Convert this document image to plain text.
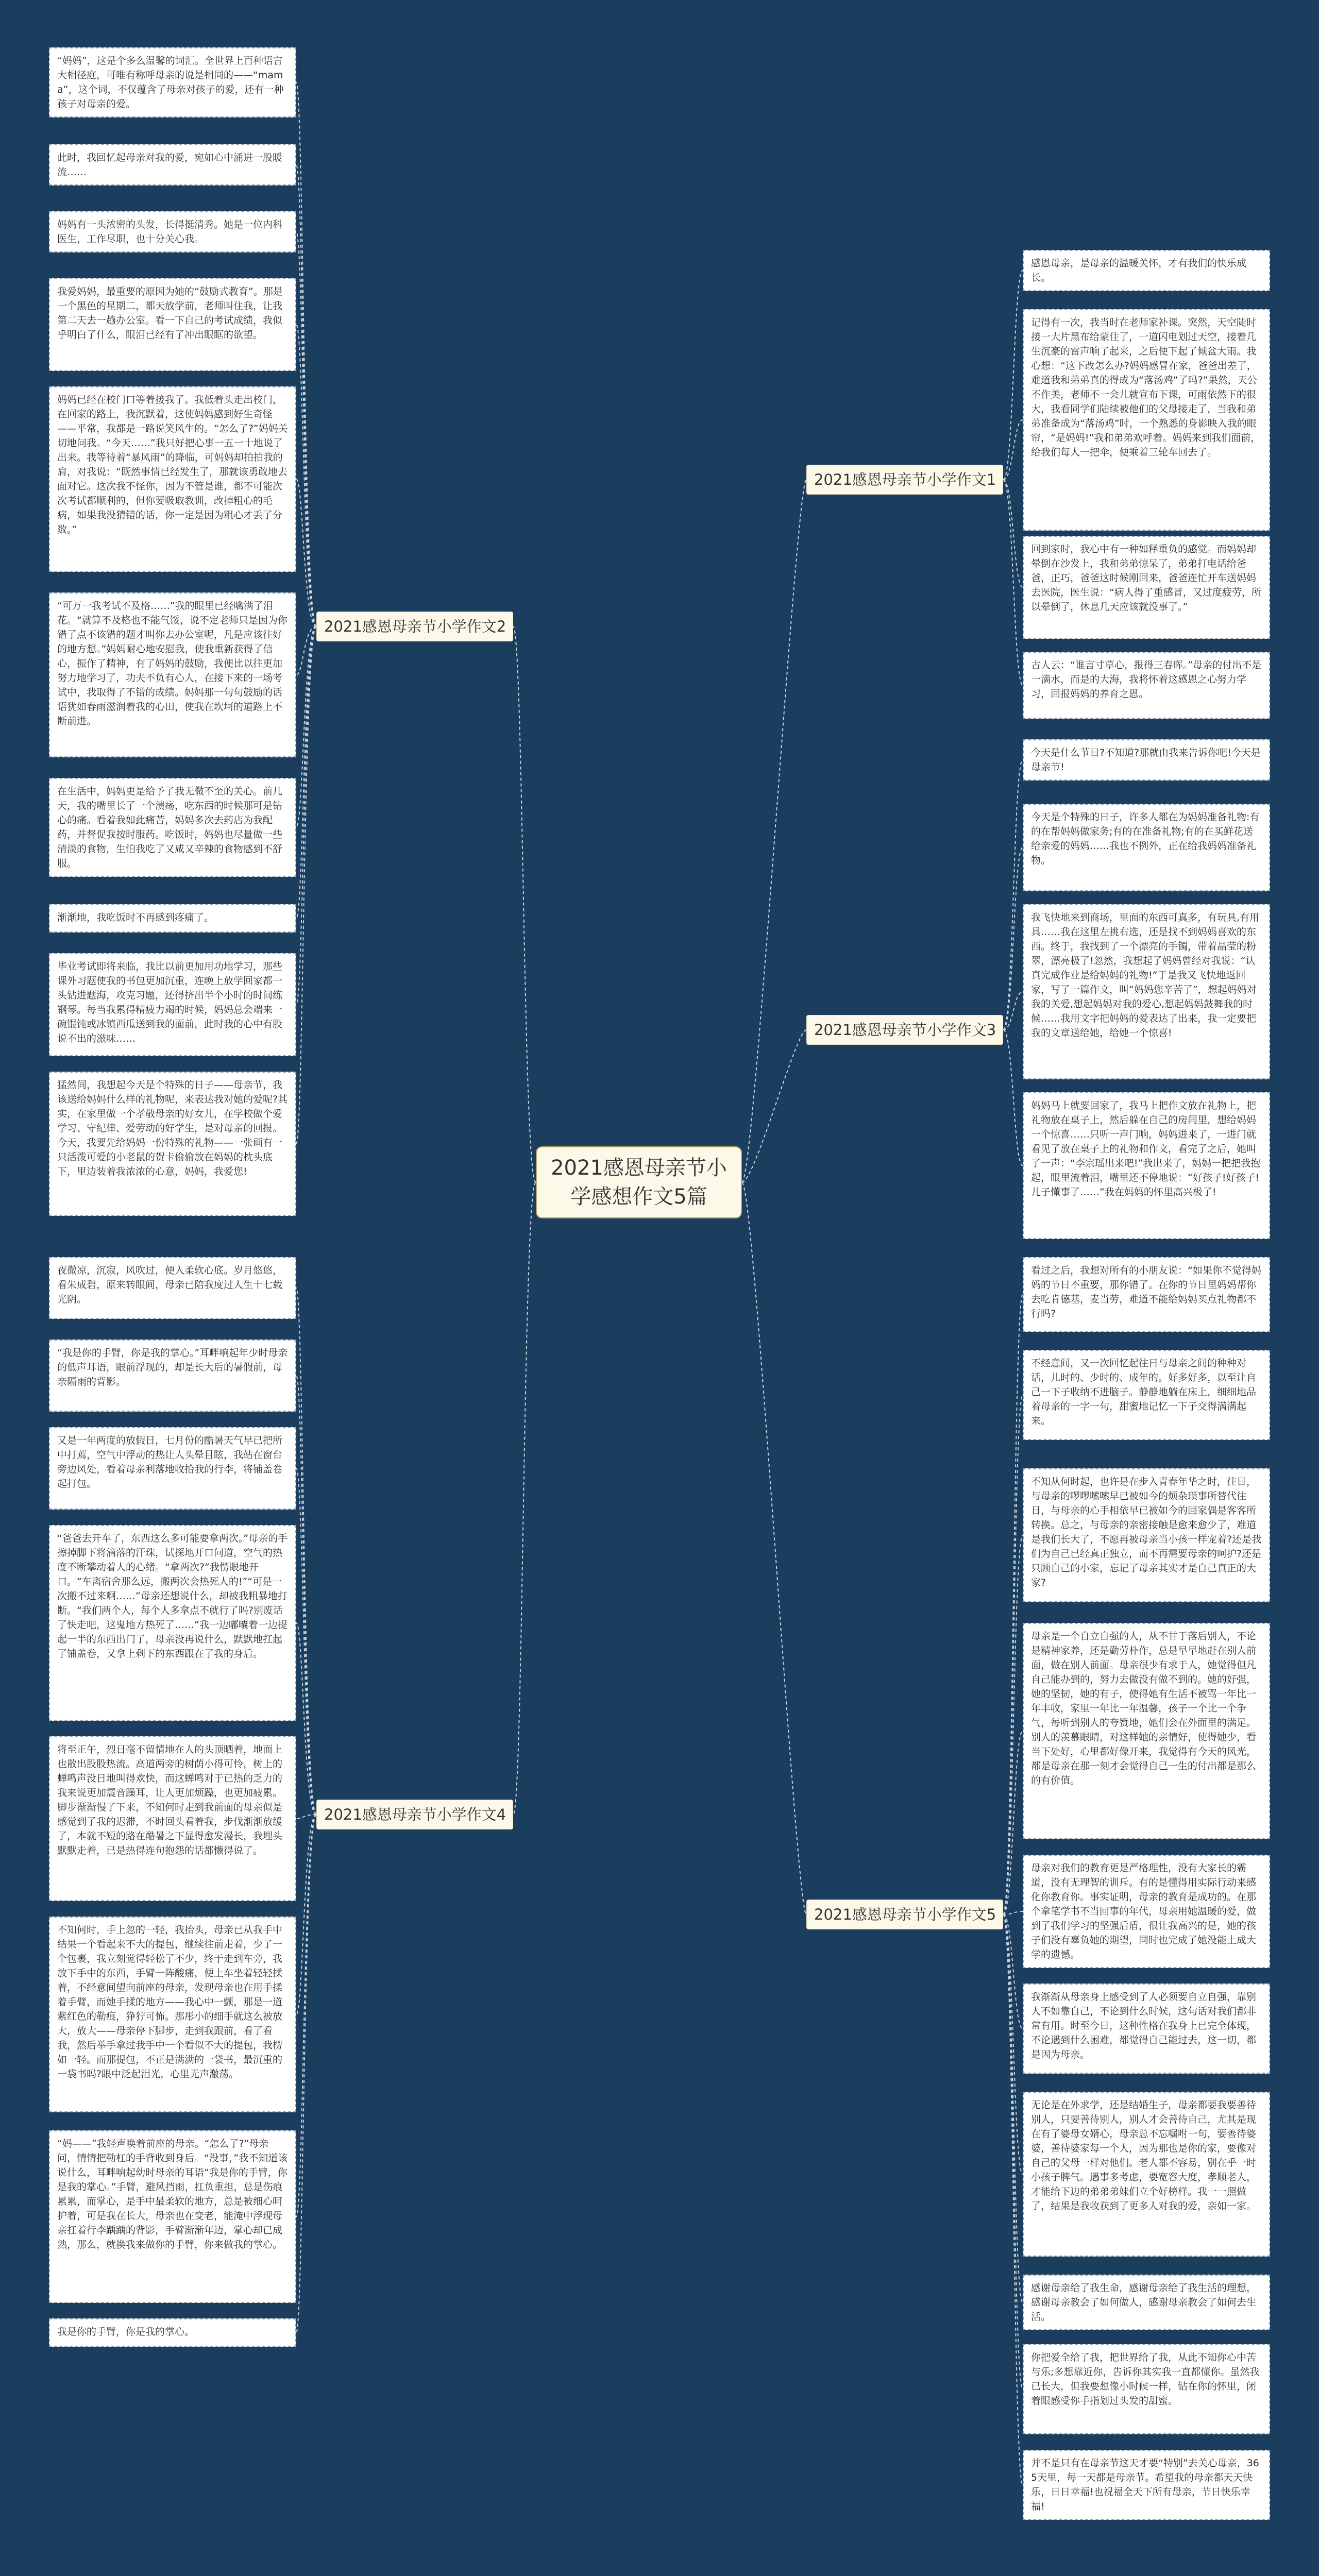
2021感恩母亲节小学感想作文5篇
2021感恩母亲节小学作文2
2021感恩母亲节小学作文4
2021感恩母亲节小学作文1
2021感恩母亲节小学作文3
2021感恩母亲节小学作文5
“妈妈”，这是个多么温馨的词汇。全世界上百种语言大相径庭，可唯有称呼母亲的说是相同的——“mama”，这个词，不仅蕴含了母亲对孩子的爱，还有一种孩子对母亲的爱。
此时，我回忆起母亲对我的爱，宛如心中涌进一股暖流……
妈妈有一头浓密的头发，长得挺清秀。她是一位内科医生，工作尽职，也十分关心我。
我爱妈妈，最重要的原因为她的“鼓励式教育”。那是一个黑色的星期二，都天放学前，老师叫住我，让我第二天去一趟办公室。看一下自己的考试成绩，我似乎明白了什么，眼泪已经有了冲出眼眶的欲望。
妈妈已经在校门口等着接我了。我低着头走出校门，在回家的路上，我沉默着，这使妈妈感到好生奇怪——平常，我都是一路说笑风生的。“怎么了?”妈妈关切地问我。“今天……”我只好把心事一五一十地说了出来。我等待着“暴风雨”的降临，可妈妈却拍拍我的肩，对我说：“既然事情已经发生了，那就该勇敢地去面对它。这次我不怪你，因为不管是谁，都不可能次次考试都顺利的，但你要吸取教训，改掉粗心的毛病，如果我没猜错的话，你一定是因为粗心才丢了分数。”
“可万一我考试不及格……”我的眼里已经噙满了泪花。“就算不及格也不能气馁，说不定老师只是因为你错了点不该错的题才叫你去办公室呢，凡是应该往好的地方想。”妈妈耐心地安慰我，使我重新获得了信心，振作了精神，有了妈妈的鼓励，我便比以往更加努力地学习了，功夫不负有心人，在接下来的一场考试中，我取得了不错的成绩。妈妈那一句句鼓励的话语犹如春雨滋润着我的心田，使我在坎坷的道路上不断前进。
在生活中，妈妈更是给予了我无微不至的关心。前几天，我的嘴里长了一个溃疡，吃东西的时候那可是钻心的痛。看着我如此痛苦，妈妈多次去药店为我配药，并督促我按时服药。吃饭时，妈妈也尽量做一些清淡的食物，生怕我吃了又咸又辛辣的食物感到不舒服。
渐渐地，我吃饭时不再感到疼痛了。
毕业考试即将来临，我比以前更加用功地学习，那些课外习题使我的书包更加沉重，连晚上放学回家都一头钻进题海，攻克习题，还得挤出半个小时的时间练钢琴。每当我累得精疲力竭的时候，妈妈总会端来一碗馄饨或冰镇西瓜送到我的面前，此时我的心中有股说不出的滋味……
猛然间，我想起今天是个特殊的日子——母亲节，我该送给妈妈什么样的礼物呢，来表达我对她的爱呢?其实，在家里做一个孝敬母亲的好女儿，在学校做个爱学习、守纪律、爱劳动的好学生，是对母亲的回报。今天，我要先给妈妈一份特殊的礼物——一张画有一只活泼可爱的小老鼠的贺卡偷偷放在妈妈的枕头底下，里边装着我浓浓的心意，妈妈，我爱您!
夜微凉，沉寂，风吹过，便入柔软心底。岁月悠悠，看朱成碧，原来转眼间，母亲已陪我度过人生十七载光阴。
“我是你的手臂，你是我的掌心。”耳畔响起年少时母亲的低声耳语，眼前浮现的，却是长大后的暑假前，母亲隔雨的背影。
又是一年两度的放假日，七月份的酷暑天气早已把所中打蔫，空气中浮动的热让人头晕目眩，我站在窗台旁边风处，看着母亲利落地收拾我的行李，将铺盖卷起打包。
“爸爸去开车了，东西这么多可能要拿两次。”母亲的手擦掉脚下将滴落的汗珠，试探地开口问道，空气的热度不断攀动着人的心绪。“拿两次?”我愣眼地开口。“车离宿舍那么远，搬两次会热死人的!”“可是一次搬不过来啊……”母亲还想说什么，却被我粗暴地打断。“我们两个人，每个人多拿点不就行了吗?别废话了快走吧，这鬼地方热死了……”我一边嘟囔着一边提起一半的东西出门了，母亲没再说什么，默默地扛起了铺盖卷，又拿上剩下的东西跟在了我的身后。
将至正午，烈日毫不留情地在人的头顶晒着，地面上也散出股股热流。高道两旁的树荫小得可怜，树上的蝉鸣声没日地叫得欢快，而这蝉鸣对于已热的乏力的我来说更加震音躁耳，让人更加烦躁，也更加疲累。脚步渐渐慢了下来，不知何时走到我前面的母亲似是感觉到了我的迟滞，不时回头看着我，步伐渐渐放缓了，本就不短的路在酷暑之下显得愈发漫长，我埋头默默走着，已是热得连句抱怨的话都懒得说了。
不知何时，手上忽的一轻，我抬头，母亲已从我手中结果一个看起来不大的提包，继续往前走着，少了一个包裹，我立刻觉得轻松了不少，终于走到车旁，我放下手中的东西，手臂一阵酸痛，便上车坐着轻轻揉着，不经意间望向前座的母亲，发现母亲也在用手揉着手臂，而她手揉的地方——我心中一颤，那是一道紫红色的勒痕，狰狞可怖。那彤小的细手就这么被放大，放大——母亲停下脚步，走到我跟前，看了看我，然后举手拿过我手中一个看似不大的提包，我楞如一轻。而那提包，不正是满满的一袋书，最沉重的一袋书吗?眼中泛起泪光，心里无声激荡。
“妈——”我轻声唤着前座的母亲。“怎么了?”母亲问，情情把勒杠的手背收到身后。“没事，”我不知道该说什么，耳畔响起幼时母亲的耳语“我是你的手臂，你是我的掌心。”手臂，避风挡雨，扛负重担，总是伤痕累累，而掌心，是手中最柔软的地方，总是被细心呵护着，可是我在长大，母亲也在变老，能淹中浮现母亲扛着行李踽踽的背影，手臂渐渐年迈，掌心却已成熟，那么，就换我来做你的手臂，你来做我的掌心。
我是你的手臂，你是我的掌心。
感恩母亲，是母亲的温暖关怀，才有我们的快乐成长。
记得有一次，我当时在老师家补课。突然，天空陡时接一大片黑布给蒙住了，一道闪电划过天空，接着几生沉豪的雷声响了起来，之后便下起了倾盆大雨。我心想：“这下改怎么办?妈妈感冒在家，爸爸出差了，难道我和弟弟真的得成为“落汤鸡”了吗?”果然，天公不作美，老师不一会儿就宣布下课，可雨依然下的很大，我看同学们陆续被他们的父母接走了，当我和弟弟准备成为“落汤鸡”时，一个熟悉的身影映入我的眼帘，“是妈妈!”我和弟弟欢呼着。妈妈来到我们面前，给我们每人一把伞，便乘着三轮车回去了。
回到家时，我心中有一种如释重负的感觉。而妈妈却晕倒在沙发上，我和弟弟惊呆了，弟弟打电话给爸爸，正巧，爸爸这时候刚回来，爸爸连忙开车送妈妈去医院，医生说：“病人得了重感冒，又过度疲劳，所以晕倒了，休息几天应该就没事了。”
古人云：“谁言寸草心，报得三春晖。”母亲的付出不是一滴水，而是的大海，我将怀着这感恩之心努力学习，回报妈妈的养育之恩。
今天是什么节日?不知道?那就由我来告诉你吧!今天是母亲节!
今天是个特殊的日子，许多人都在为妈妈准备礼物:有的在帮妈妈做家务;有的在准备礼物;有的在买鲜花送给亲爱的妈妈……我也不例外，正在给我妈妈准备礼物。
我飞快地来到商场，里面的东西可真多，有玩具,有用具……我在这里左挑右选，还是找不到妈妈喜欢的东西。终于，我找到了一个漂亮的手镯，带着晶莹的粉翠，漂亮极了!忽然，我想起了妈妈曾经对我说：“认真完成作业是给妈妈的礼物!”于是我又飞快地返回家，写了一篇作文，叫“妈妈您辛苦了”，想起妈妈对我的关爱,想起妈妈对我的爱心,想起妈妈鼓舞我的时候……我用文字把妈妈的爱表达了出来，我一定要把我的文章送给她，给她一个惊喜!
妈妈马上就要回家了，我马上把作文放在礼物上，把礼物放在桌子上，然后躲在自己的房间里，想给妈妈一个惊喜……只听一声门响，妈妈进来了，一进门就看见了放在桌子上的礼物和作文，看完了之后，她叫了一声：“李宗瑶出来吧!”我出来了，妈妈一把把我抱起，眼里流着泪，嘴里还不停地说：“好孩子!好孩子!儿子懂事了……”我在妈妈的怀里高兴极了!
看过之后，我想对所有的小朋友说：“如果你不觉得妈妈的节日不重要，那你错了。在你的节日里妈妈帮你去吃肯德基，麦当劳，难道不能给妈妈买点礼物都不行吗?
不经意间，又一次回忆起往日与母亲之间的种种对话，儿时的、少时的、成年的。好多好多，以至让自己一下子收纳不进脑子。静静地躺在床上，细细地品着母亲的一字一句，甜蜜地记忆一下子交得满满起来。
不知从何时起，也许是在步入青春年华之时，往日，与母亲的啰啰嗦嗦早已被如今的烦杂琐事所替代往日，与母亲的心手相依早已被如今的回家偶是客客所转换。总之，与母亲的亲密接触是愈来愈少了，难道是我们长大了，不愿再被母亲当小孩一样宠着?还是我们为自己已经真正独立，而不再需要母亲的呵护?还是只顾自己的小家，忘记了母亲其实才是自己真正的大家?
母亲是一个自立自强的人，从不甘于落后别人，不论是精神家养，还是勤劳朴作，总是早早地赶在别人前面，做在别人前面。母亲很少有求于人，她觉得但凡自己能办到的，努力去做没有做不到的。她的好强，她的坚韧，她的有子，使得她有生活不被骂一年比一年丰收，家里一年比一年温馨，孩子一个比一个争气，每听到别人的夸赞地，她们会在外面里的满足。别人的羡慕眼睛，对这样她的亲情好，使得她少，看当下处好，心里都好像开来，我觉得有今天的风光，都是母亲在那一刻才会觉得自己一生的付出都是那么的有价值。
母亲对我们的教育更是严格理性，没有大家长的霸道，没有无理智的训斥。有的是懂得用实际行动来感化你教育你。事实证明，母亲的教育是成功的。在那个拿笔学书不当回事的年代，母亲用她温暖的爱，做到了我们学习的坚强后盾，很让我高兴的是，她的孩子们没有辜负她的期望，同时也完成了她没能上成大学的遗憾。
我渐渐从母亲身上感受到了人必须要自立自强，靠别人不如靠自己，不论到什么时候，这句话对我们都非常有用。时至今日，这种性格在我身上已完全体现，不论遇到什么困难，都觉得自己能过去，这一切，都是因为母亲。
无论是在外求学，还是结婚生子，母亲都要我要善待别人，只要善待别人，别人才会善待自己，尤其是现在有了婆母女婿心，母亲总不忘嘱咐一句，要善待婆婆，善待婆家每一个人，因为那也是你的家，要像对自己的父母一样对他们。老人都不容易，别在乎一时小孩子脾气。遇事多考虑，要宽容大度，孝顺老人，才能给下边的弟弟弟妹们立个好榜样。我一一照做了，结果是我收获到了更多人对我的爱，亲如一家。
感谢母亲给了我生命，感谢母亲给了我生活的理想，感谢母亲教会了如何做人，感谢母亲教会了如何去生活。
你把爱全给了我，把世界给了我，从此不知你心中苦与乐;多想靠近你，告诉你其实我一直都懂你。虽然我已长大，但我要想像小时候一样，钻在你的怀里，闭着眼感受你手指划过头发的甜蜜。
并不是只有在母亲节这天才要“特别”去关心母亲，365天里，每一天都是母亲节。希望我的母亲都天天快乐，日日幸福!也祝福全天下所有母亲，节日快乐幸福!
